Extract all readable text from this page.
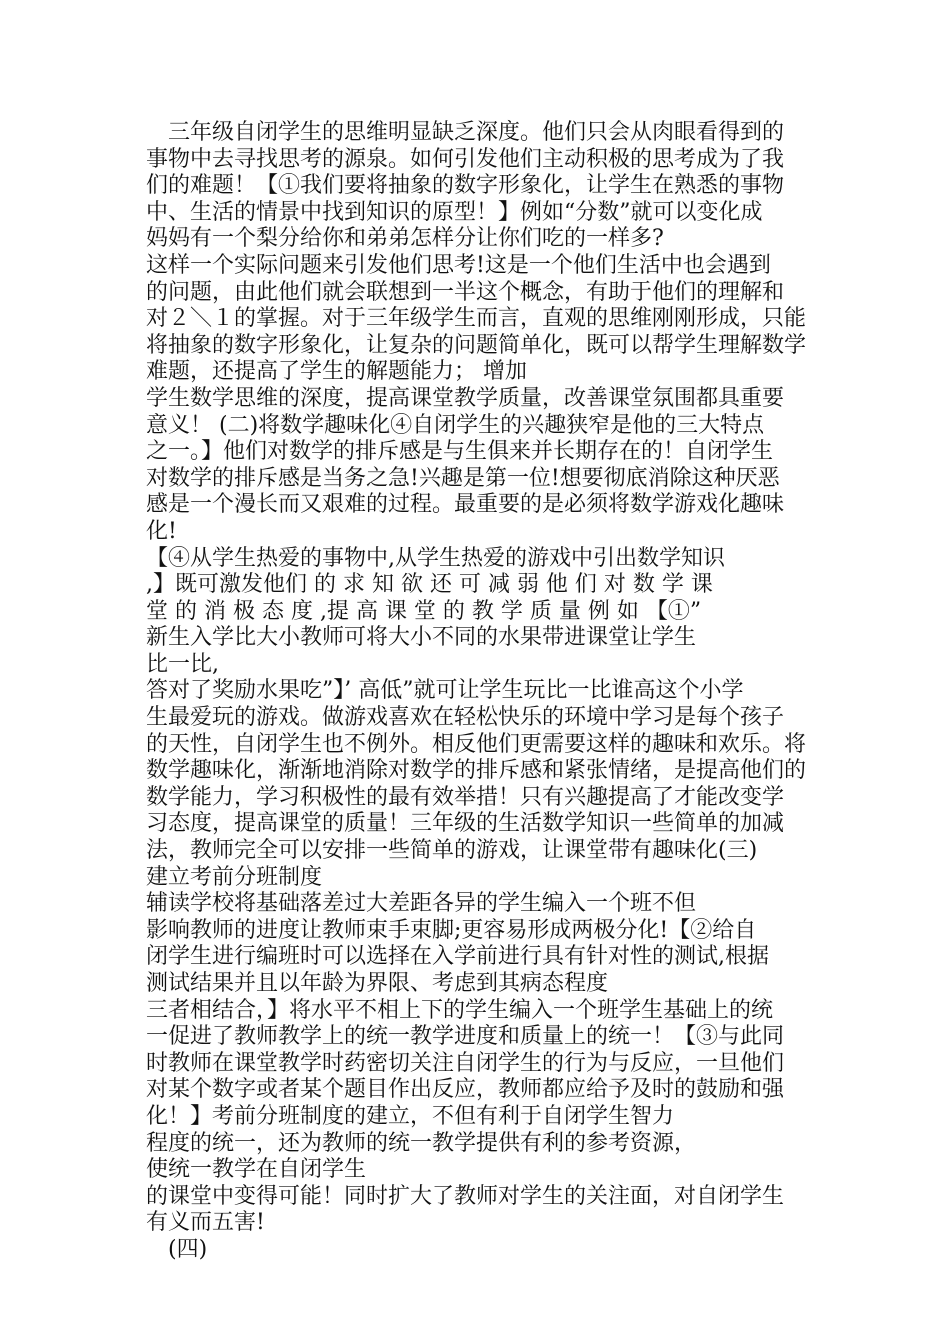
三年级自闭学生的思维明显缺乏深度。他们只会从肉眼看得到的
事物中去寻找思考的源泉。如何引发他们主动积极的思考成为了我
们的难题！【①我们要将抽象的数字形象化，让学生在熟悉的事物
中、生活的情景中找到知识的原型！】例如“分数”就可以变化成
妈妈有一个梨分给你和弟弟怎样分让你们吃的一样多?
这样一个实际问题来引发他们思考!这是一个他们生活中也会遇到
的问题，由此他们就会联想到一半这个概念，有助于他们的理解和
对２＼１的掌握。对于三年级学生而言，直观的思维刚刚形成，只能
将抽象的数字形象化，让复杂的问题简单化，既可以帮学生理解数学
难题，还提高了学生的解题能力； 增加
学生数学思维的深度，提高课堂教学质量，改善课堂氛围都具重要
意义！ (二)将数学趣味化④自闭学生的兴趣狭窄是他的三大特点
之一。】他们对数学的排斥感是与生俱来并长期存在的！自闭学生
对数学的排斥感是当务之急!兴趣是第一位!想要彻底消除这种厌恶
感是一个漫长而又艰难的过程。最重要的是必须将数学游戏化趣味
化!
【④从学生热爱的事物中,从学生热爱的游戏中引出数学知识
,】既可激发他们 的 求 知 欲 还 可 减 弱 他 们 对 数 学 课
堂 的 消 极 态 度 ,提 高 课 堂 的 教 学 质 量 例 如 【①”
新生入学比大小教师可将大小不同的水果带进课堂让学生
比一比,
答对了奖励水果吃”】’ 高低”就可让学生玩比一比谁高这个小学
生最爱玩的游戏。做游戏喜欢在轻松快乐的环境中学习是每个孩子
的天性，自闭学生也不例外。相反他们更需要这样的趣味和欢乐。将
数学趣味化，渐渐地消除对数学的排斥感和紧张情绪，是提高他们的
数学能力，学习积极性的最有效举措！只有兴趣提高了才能改变学
习态度，提高课堂的质量！三年级的生活数学知识一些简单的加减
法，教师完全可以安排一些简单的游戏，让课堂带有趣味化(三)
建立考前分班制度
辅读学校将基础落差过大差距各异的学生编入一个班不但
影响教师的进度让教师束手束脚;更容易形成两极分化!【②给自
闭学生进行编班时可以选择在入学前进行具有针对性的测试,根据
测试结果并且以年龄为界限、考虑到其病态程度
三者相结合，】将水平不相上下的学生编入一个班学生基础上的统
一促进了教师教学上的统一教学进度和质量上的统一！【③与此同
时教师在课堂教学时药密切关注自闭学生的行为与反应，一旦他们
对某个数字或者某个题目作出反应，教师都应给予及时的鼓励和强
化！】考前分班制度的建立，不但有利于自闭学生智力
程度的统一，还为教师的统一教学提供有利的参考资源，
使统一教学在自闭学生
的课堂中变得可能！同时扩大了教师对学生的关注面，对自闭学生
有义而五害!
(四)
